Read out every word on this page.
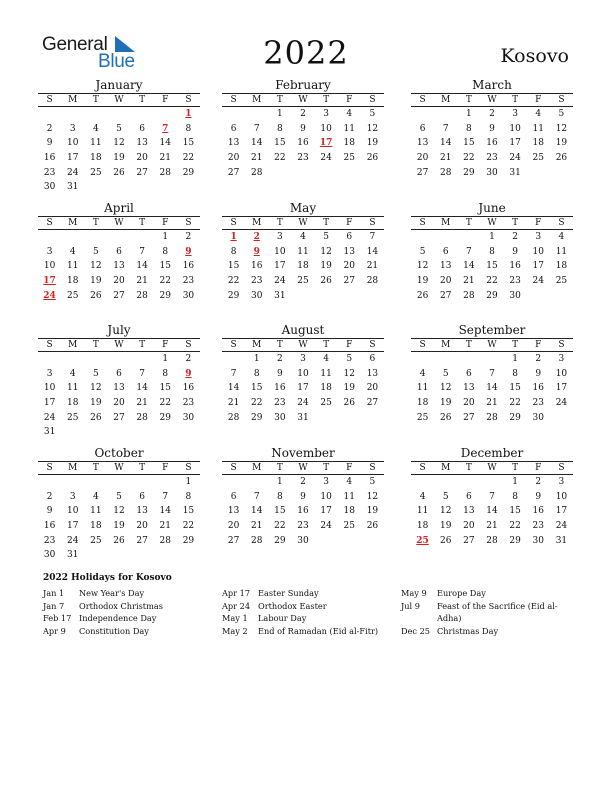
General
Blue	2022	Kosovo
January
S	M	T	W	T	F	S
						1
2	3	4	5	6	7	8
9	10	11	12	13	14	15
16	17	18	19	20	21	22
23	24	25	26	27	28	29
30	31					
February
S	M	T	W	T	F	S
		1	2	3	4	5
6	7	8	9	10	11	12
13	14	15	16	17	18	19
20	21	22	23	24	25	26
27	28					
March
S	M	T	W	T	F	S
		1	2	3	4	5
6	7	8	9	10	11	12
13	14	15	16	17	18	19
20	21	22	23	24	25	26
27	28	29	30	31		
April
S	M	T	W	T	F	S
					1	2
3	4	5	6	7	8	9
10	11	12	13	14	15	16
17	18	19	20	21	22	23
24	25	26	27	28	29	30
May
S	M	T	W	T	F	S
1	2	3	4	5	6	7
8	9	10	11	12	13	14
15	16	17	18	19	20	21
22	23	24	25	26	27	28
29	30	31				
June
S	M	T	W	T	F	S
			1	2	3	4
5	6	7	8	9	10	11
12	13	14	15	16	17	18
19	20	21	22	23	24	25
26	27	28	29	30		
July
S	M	T	W	T	F	S
					1	2
3	4	5	6	7	8	9
10	11	12	13	14	15	16
17	18	19	20	21	22	23
24	25	26	27	28	29	30
31						
August
S	M	T	W	T	F	S
	1	2	3	4	5	6
7	8	9	10	11	12	13
14	15	16	17	18	19	20
21	22	23	24	25	26	27
28	29	30	31			
September
S	M	T	W	T	F	S
				1	2	3
4	5	6	7	8	9	10
11	12	13	14	15	16	17
18	19	20	21	22	23	24
25	26	27	28	29	30	
October
S	M	T	W	T	F	S
						1
2	3	4	5	6	7	8
9	10	11	12	13	14	15
16	17	18	19	20	21	22
23	24	25	26	27	28	29
30	31					
November
S	M	T	W	T	F	S
		1	2	3	4	5
6	7	8	9	10	11	12
13	14	15	16	17	18	19
20	21	22	23	24	25	26
27	28	29	30			
December
S	M	T	W	T	F	S
				1	2	3
4	5	6	7	8	9	10
11	12	13	14	15	16	17
18	19	20	21	22	23	24
25	26	27	28	29	30	31
2022 Holidays for Kosovo
Jan 1 New Year's Day
Jan 7 Orthodox Christmas
Feb 17 Independence Day
Apr 9 Constitution Day
Apr 17 Easter Sunday
Apr 24 Orthodox Easter
May 1 Labour Day
May 2 End of Ramadan (Eid al-Fitr)
May 9 Europe Day
Jul 9 Feast of the Sacrifice (Eid al-Adha)
Dec 25 Christmas Day
